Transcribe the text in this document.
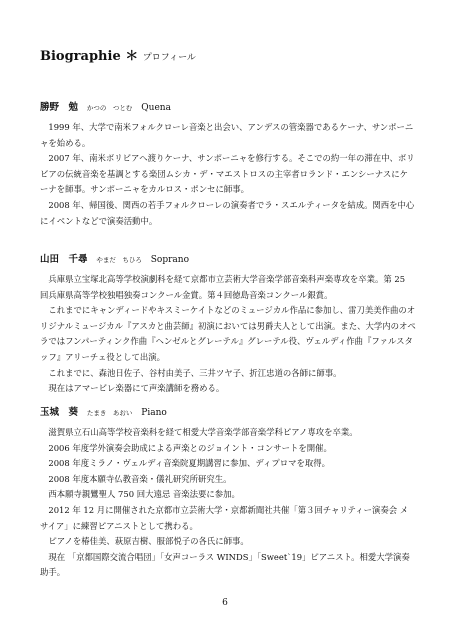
Biographie ＊ プロフィール
勝野　勉 かつの　つとむ Quena

1999 年、大学で南米フォルクローレ音楽と出会い、アンデスの管楽器であるケーナ、サンポーニャを始める。

2007 年、南米ボリビアへ渡りケーナ、サンポーニャを修行する。そこでの約一年の滞在中、ボリビアの伝統音楽を基調とする楽団ムシカ・デ・マエストロスの主宰者ロランド・エンシーナスにケーナを師事。サンポーニャをカルロス・ポンセに師事。

2008 年、帰国後、関西の若手フォルクローレの演奏者でラ・スエルティータを結成。関西を中心にイベントなどで演奏活動中。

山田　千尋 やまだ　ちひろ Soprano

兵庫県立宝塚北高等学校演劇科を経て京都市立芸術大学音楽学部音楽科声楽専攻を卒業。第 25 回兵庫県高等学校独唱独奏コンクール金賞。第４回徳島音楽コンクール銀賞。

これまでにキャンディードやキスミーケイトなどのミュージカル作品に参加し、雷刀美美作曲のオリジナルミュージカル『アスカと曲芸師』初演においては男爵夫人として出演。また、大学内のオペラではフンパーティンク作曲『ヘンゼルとグレーテル』グレーテル役、ヴェルディ作曲『ファルスタッフ』アリーチェ役として出演。

これまでに、森池日佐子、谷村由美子、三井ツヤ子、折江忠道の各師に師事。

現在はアマービレ楽器にて声楽講師を務める。

玉城　葵 たまき　あおい Piano

滋賀県立石山高等学校音楽科を経て相愛大学音楽学部音楽学科ピアノ専攻を卒業。

2006 年度学外演奏会助成による声楽とのジョイント・コンサートを開催。

2008 年度ミラノ・ヴェルディ音楽院夏期講習に参加、ディプロマを取得。

2008 年度本願寺仏教音楽・儀礼研究所研究生。

西本願寺親鸞聖人 750 回大遠忌 音楽法要に参加。

2012 年 12 月に開催された京都市立芸術大学・京都新聞社共催「第３回チャリティー演奏会 メサイア」に練習ピアニストとして携わる。

ピアノを椿佳美、萩原吉樹、服部悦子の各氏に師事。

現在 「京都国際交流合唱団」「女声コーラス WINDS」「Sweet`19」ピアニスト。相愛大学演奏助手。

6
